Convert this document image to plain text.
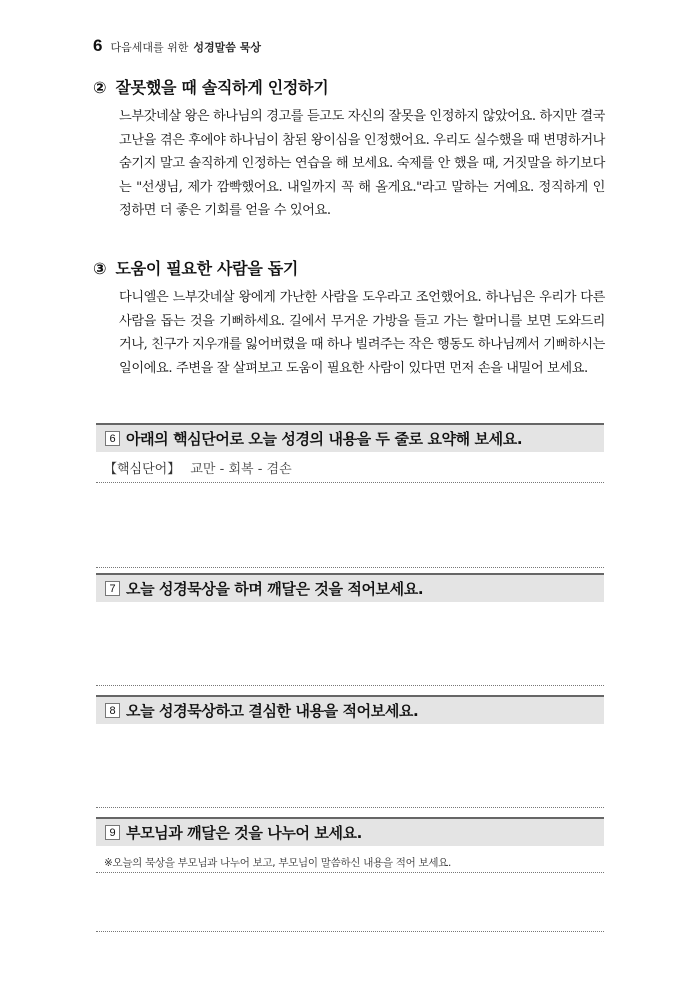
6 다음세대를 위한 성경말씀 묵상
② 잘못했을 때 솔직하게 인정하기
느부갓네살 왕은 하나님의 경고를 듣고도 자신의 잘못을 인정하지 않았어요. 하지만 결국 고난을 겪은 후에야 하나님이 참된 왕이심을 인정했어요. 우리도 실수했을 때 변명하거나 숨기지 말고 솔직하게 인정하는 연습을 해 보세요. 숙제를 안 했을 때, 거짓말을 하기보다는 "선생님, 제가 깜빡했어요. 내일까지 꼭 해 올게요."라고 말하는 거예요. 정직하게 인정하면 더 좋은 기회를 얻을 수 있어요.
③ 도움이 필요한 사람을 돕기
다니엘은 느부갓네살 왕에게 가난한 사람을 도우라고 조언했어요. 하나님은 우리가 다른 사람을 돕는 것을 기뻐하세요. 길에서 무거운 가방을 들고 가는 할머니를 보면 도와드리거나, 친구가 지우개를 잃어버렸을 때 하나 빌려주는 작은 행동도 하나님께서 기뻐하시는 일이에요. 주변을 잘 살펴보고 도움이 필요한 사람이 있다면 먼저 손을 내밀어 보세요.
6 아래의 핵심단어로 오늘 성경의 내용을 두 줄로 요약해 보세요.
【핵심단어】 교만 - 회복 - 겸손
7 오늘 성경묵상을 하며 깨달은 것을 적어보세요.
8 오늘 성경묵상하고 결심한 내용을 적어보세요.
9 부모님과 깨달은 것을 나누어 보세요.
※오늘의 묵상을 부모님과 나누어 보고, 부모님이 말씀하신 내용을 적어 보세요.
